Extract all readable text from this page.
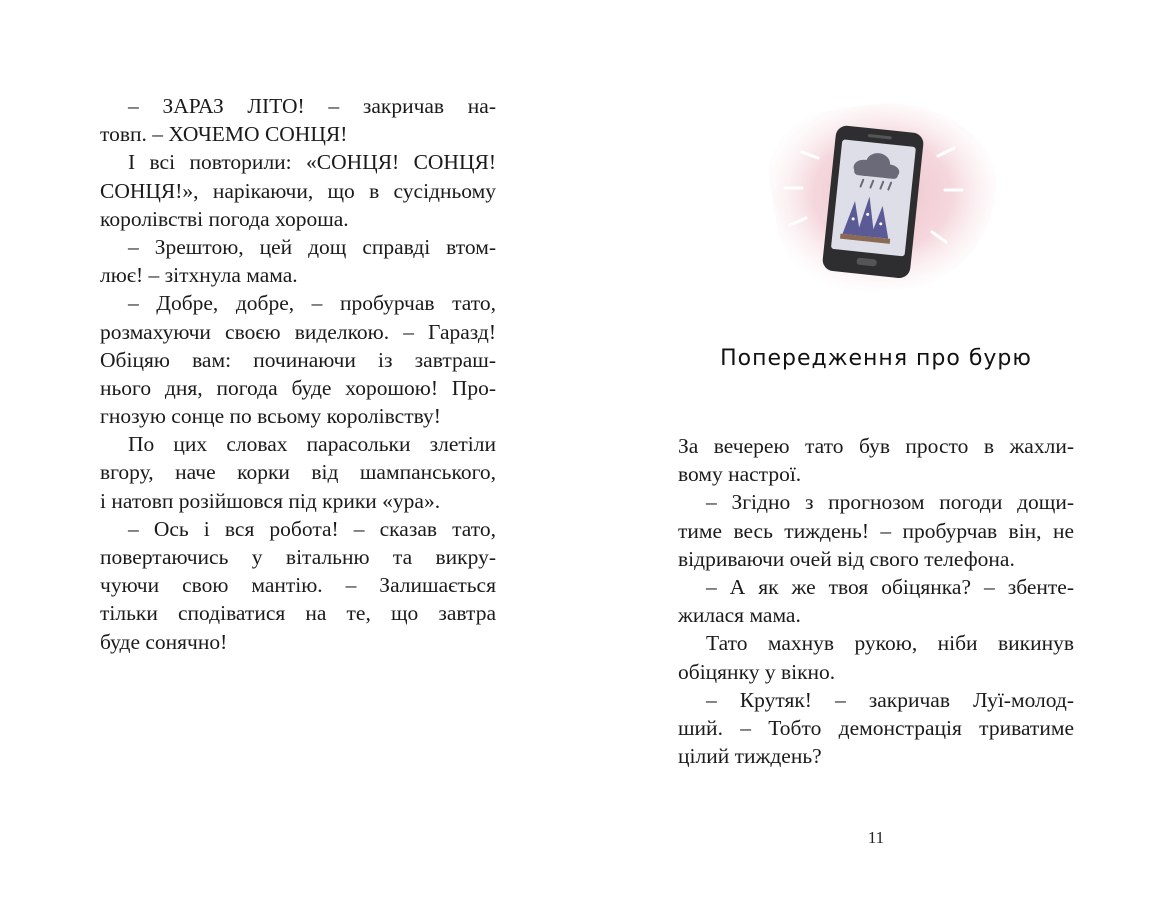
– ЗАРАЗ ЛІТО! – закричав на-
товп. – ХОЧЕМО СОНЦЯ!
І всі повторили: «СОНЦЯ! СОНЦЯ!
СОНЦЯ!», нарікаючи, що в сусідньому
королівстві погода хороша.
– Зрештою, цей дощ справді втом-
лює! – зітхнула мама.
– Добре, добре, – пробурчав тато,
розмахуючи своєю виделкою. – Гаразд!
Обіцяю вам: починаючи із завтраш-
нього дня, погода буде хорошою! Про-
гнозую сонце по всьому королівству!
По цих словах парасольки злетіли
вгору, наче корки від шампанського,
і натовп розійшовся під крики «ура».
– Ось і вся робота! – сказав тато,
повертаючись у вітальню та викру-
чуючи свою мантію. – Залишається
тільки сподіватися на те, що завтра
буде сонячно!
Попередження про бурю
За вечерею тато був просто в жахли-
вому настрої.
– Згідно з прогнозом погоди дощи-
тиме весь тиждень! – пробурчав він, не
відриваючи очей від свого телефона.
– А як же твоя обіцянка? – збенте-
жилася мама.
Тато махнув рукою, ніби викинув
обіцянку у вікно.
– Крутяк! – закричав Луї-молод-
ший. – Тобто демонстрація триватиме
цілий тиждень?
11
